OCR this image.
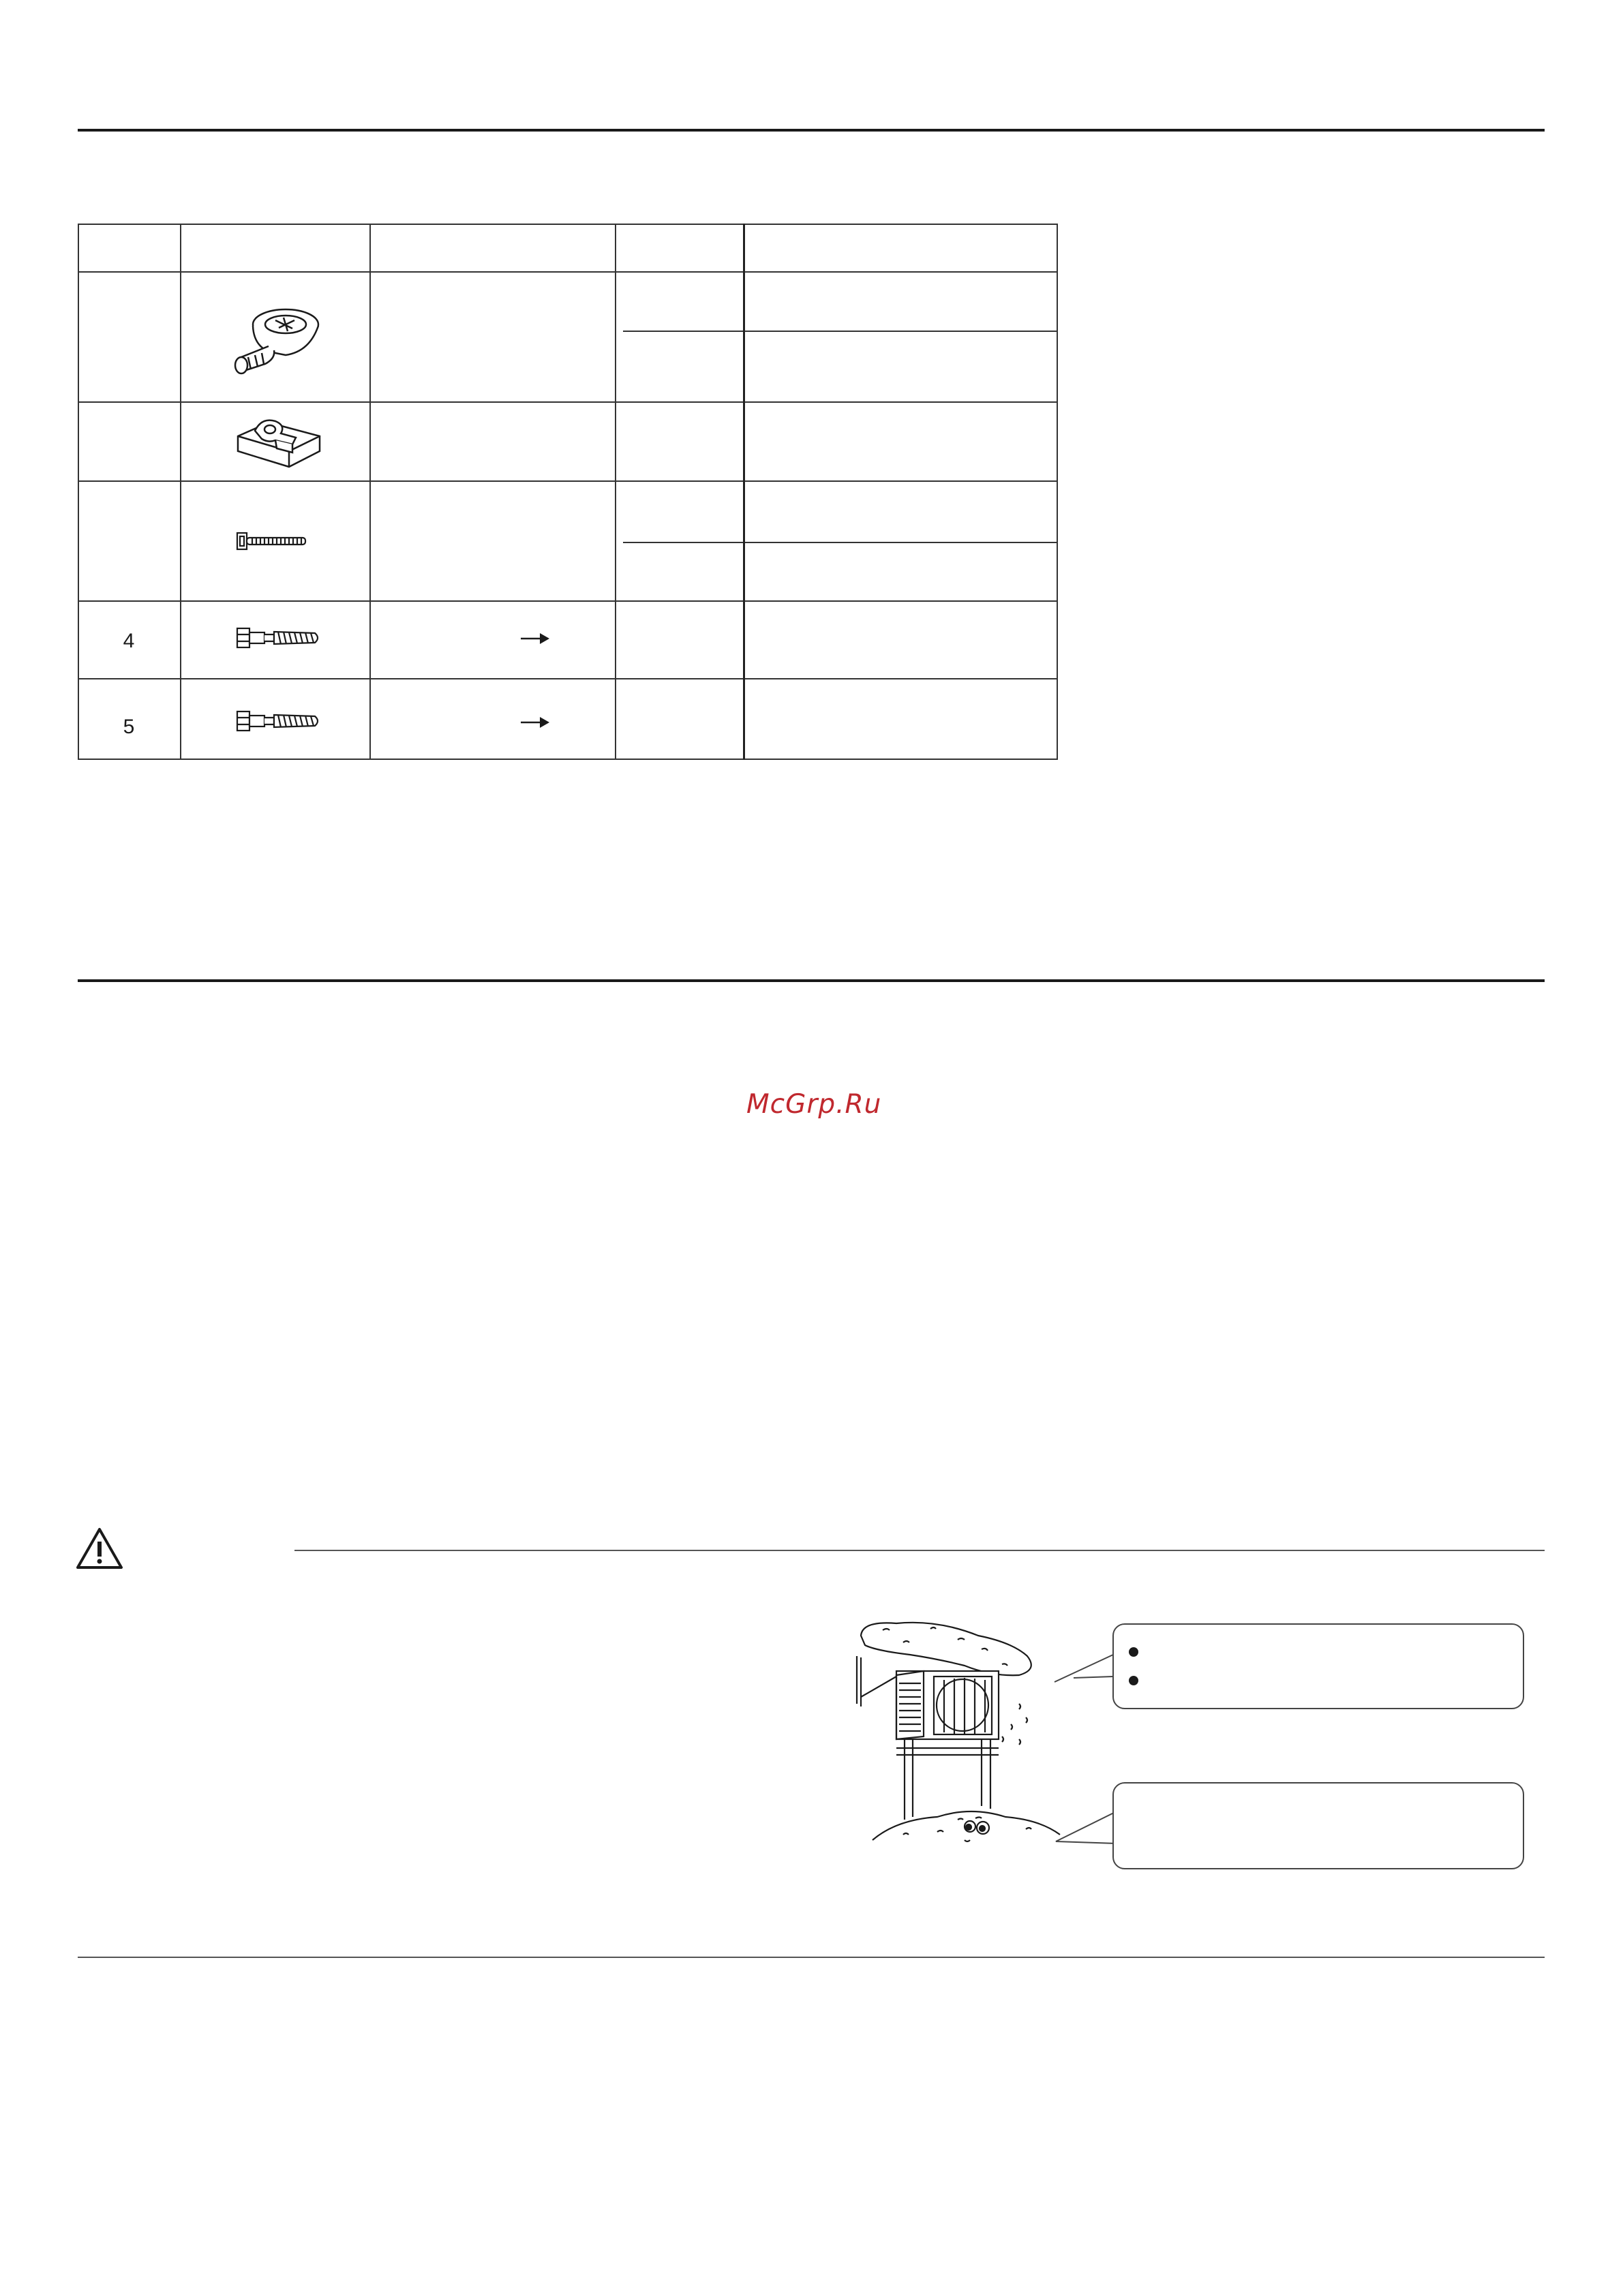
4
5
McGrp.Ru
